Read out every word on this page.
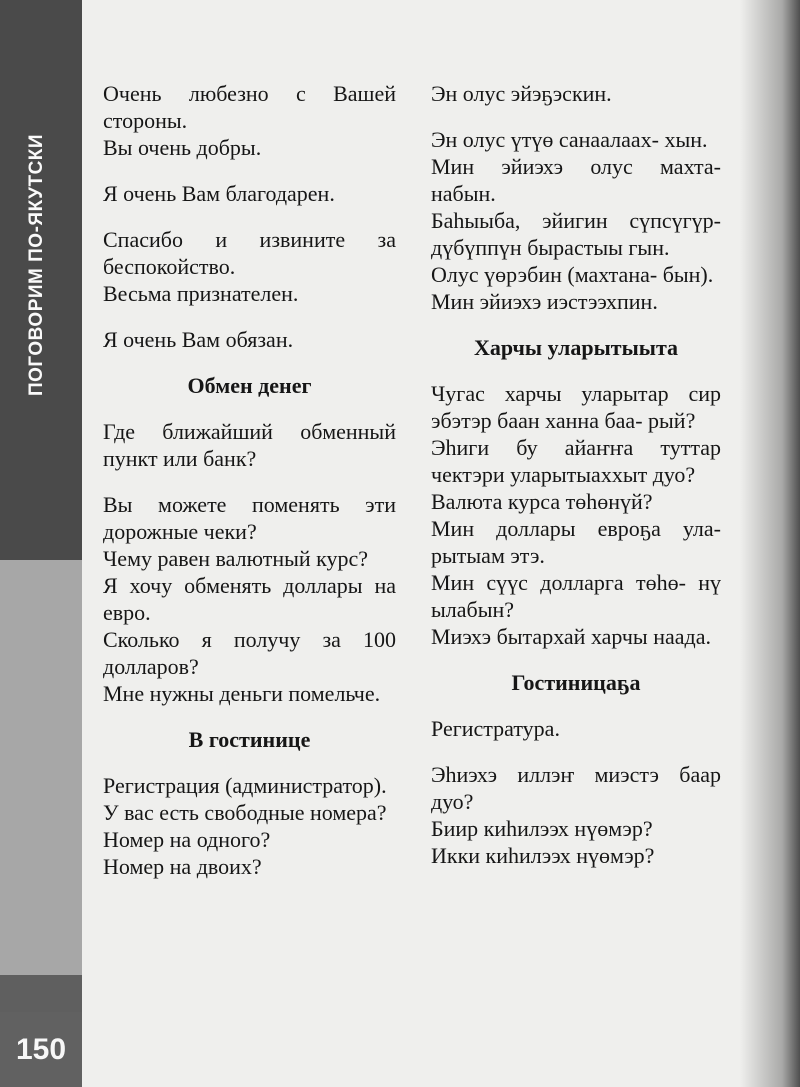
ПОГОВОРИМ ПО-ЯКУТСКИ
150

Очень любезно с Вашей стороны.

Вы очень добры.

Я очень Вам благодарен.

Спасибо и извините за беспокойство.

Весьма признателен.

Я очень Вам обязан.

Обмен денег

Где ближайший обменный пункт или банк?

Вы можете поменять эти дорожные чеки?

Чему равен валютный курс?

Я хочу обменять доллары на евро.

Сколько я получу за 100 долларов?

Мне нужны деньги помельче.

В гостинице

Регистрация (администратор).

У вас есть свободные номера?

Номер на одного?

Номер на двоих?

Эн олус эйэҕэскин.

Эн олус үтүө санаалаах- хын.

Мин эйиэхэ олус махта- набын.

Баһыыба, эйигин сүпсүгүр- дүбүппүн бырастыы гын.

Олус үөрэбин (махтана- бын).

Мин эйиэхэ иэстээхпин.

Харчы уларытыыта

Чугас харчы уларытар сир эбэтэр баан ханна баа- рый?

Эһиги бу айаҥҥа туттар чектэри уларытыаххыт дуо?

Валюта курса төһөнүй?

Мин доллары евроҕа ула- рытыам этэ.

Мин сүүс долларга төһө- нү ылабын?

Миэхэ бытархай харчы наада.

Гостиницаҕа

Регистратура.

Эһиэхэ иллэҥ миэстэ баар дуо?

Биир киһилээх нүөмэр?

Икки киһилээх нүөмэр?
